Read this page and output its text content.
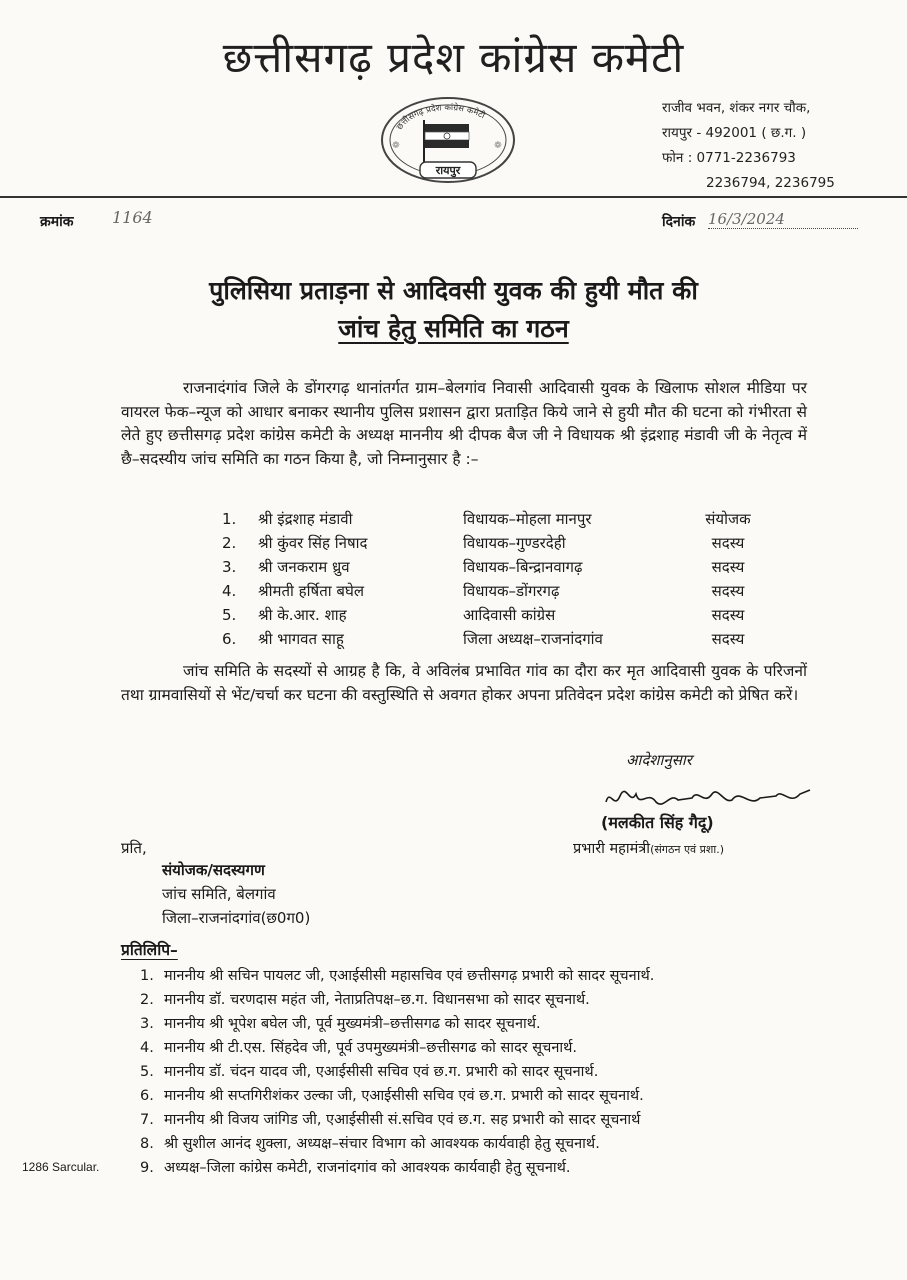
छत्तीसगढ़ प्रदेश कांग्रेस कमेटी
छत्तीसगढ़ प्रदेश कांग्रेस कमेटी
रायपुर
❁	❁
राजीव भवन, शंकर नगर चौक,
रायपुर - 492001 ( छ.ग. )
फोन : 0771-2236793
2236794, 2236795
क्रमांक 1164	दिनांक 16/3/2024
पुलिसिया प्रताड़ना से आदिवसी युवक की हुयी मौत की
जांच हेतु समिति का गठन
राजनादंगांव जिले के डोंगरगढ़ थानांतर्गत ग्राम–बेलगांव निवासी आदिवासी युवक के खिलाफ सोशल मीडिया पर वायरल फेक–न्यूज को आधार बनाकर स्थानीय पुलिस प्रशासन द्वारा प्रताड़ित किये जाने से हुयी मौत की घटना को गंभीरता से लेते हुए छत्तीसगढ़ प्रदेश कांग्रेस कमेटी के अध्यक्ष माननीय श्री दीपक बैज जी ने विधायक श्री इंद्रशाह मंडावी जी के नेतृत्व में छै–सदस्यीय जांच समिति का गठन किया है, जो निम्नानुसार है :–
1.	श्री इंद्रशाह मंडावी	विधायक–मोहला मानपुर	संयोजक
2.	श्री कुंवर सिंह निषाद	विधायक–गुण्डरदेही	सदस्य
3.	श्री जनकराम ध्रुव	विधायक–बिन्द्रानवागढ़	सदस्य
4.	श्रीमती हर्षिता बघेल	विधायक–डोंगरगढ़	सदस्य
5.	श्री के.आर. शाह	आदिवासी कांग्रेस	सदस्य
6.	श्री भागवत साहू	जिला अध्यक्ष–राजनांदगांव	सदस्य
जांच समिति के सदस्यों से आग्रह है कि, वे अविलंब प्रभावित गांव का दौरा कर मृत आदिवासी युवक के परिजनों तथा ग्रामवासियों से भेंट/चर्चा कर घटना की वस्तुस्थिति से अवगत होकर अपना प्रतिवेदन प्रदेश कांग्रेस कमेटी को प्रेषित करें।
आदेशानुसार
(मलकीत सिंह गैदू)
प्रभारी महामंत्री(संगठन एवं प्रशा.)
प्रति,
संयोजक/सदस्यगण
जांच समिति, बेलगांव
जिला–राजनांदगांव(छ0ग0)
प्रतिलिपि–
1. माननीय श्री सचिन पायलट जी, एआईसीसी महासचिव एवं छत्तीसगढ़ प्रभारी को सादर सूचनार्थ.
2. माननीय डॉ. चरणदास महंत जी, नेताप्रतिपक्ष–छ.ग. विधानसभा को सादर सूचनार्थ.
3. माननीय श्री भूपेश बघेल जी, पूर्व मुख्यमंत्री–छत्तीसगढ को सादर सूचनार्थ.
4. माननीय श्री टी.एस. सिंहदेव जी, पूर्व उपमुख्यमंत्री–छत्तीसगढ को सादर सूचनार्थ.
5. माननीय डॉ. चंदन यादव जी, एआईसीसी सचिव एवं छ.ग. प्रभारी को सादर सूचनार्थ.
6. माननीय श्री सप्तगिरीशंकर उल्का जी, एआईसीसी सचिव एवं छ.ग. प्रभारी को सादर सूचनार्थ.
7. माननीय श्री विजय जांगिड जी, एआईसीसी सं.सचिव एवं छ.ग. सह प्रभारी को सादर सूचनार्थ
8. श्री सुशील आनंद शुक्ला, अध्यक्ष–संचार विभाग को आवश्यक कार्यवाही हेतु सूचनार्थ.
9. अध्यक्ष–जिला कांग्रेस कमेटी, राजनांदगांव को आवश्यक कार्यवाही हेतु सूचनार्थ.
1286 Sarcular.
